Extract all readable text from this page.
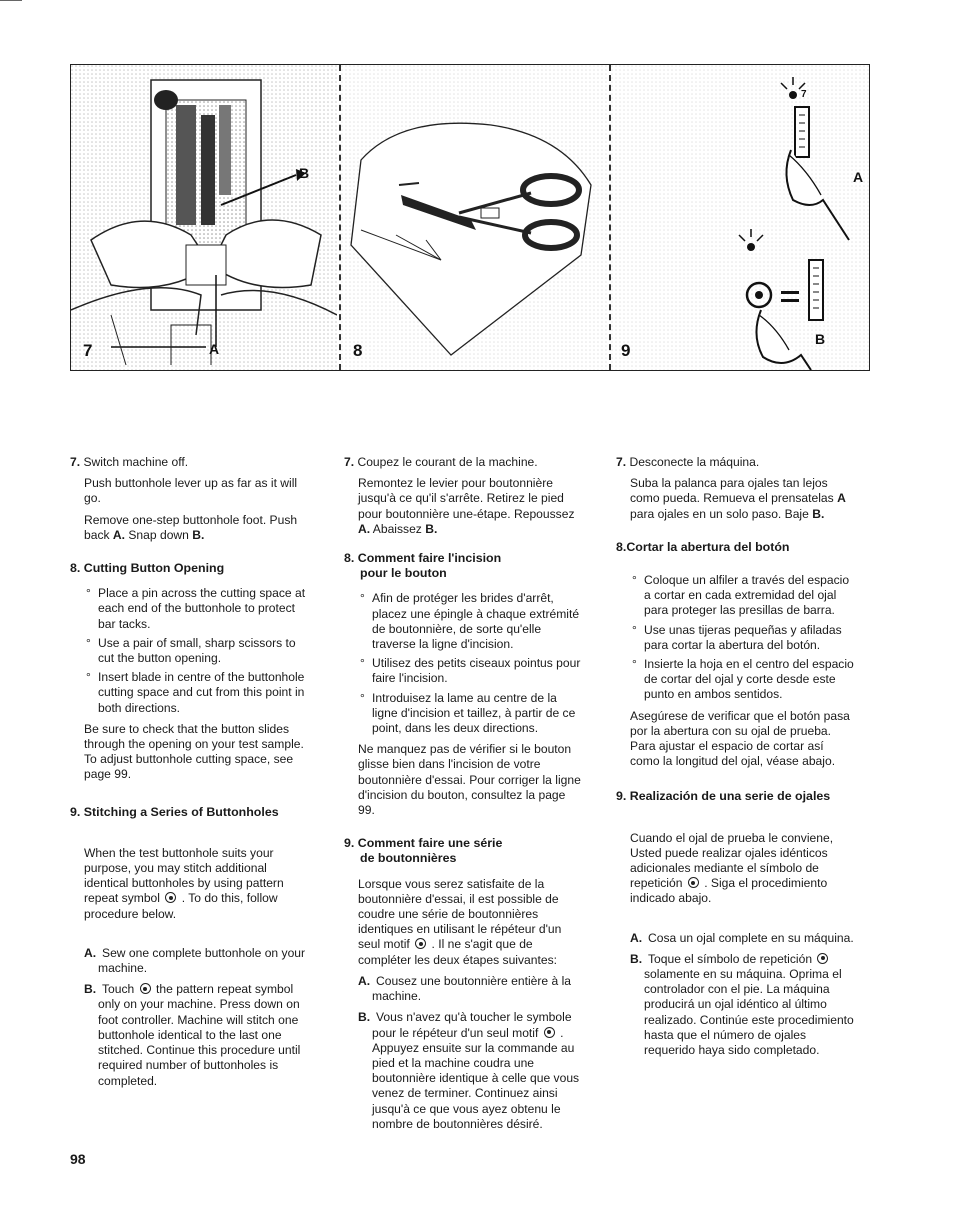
7
B
A	8	9
A
B
7

7. Switch machine off.

Push buttonhole lever up as far as it will go.

Remove one-step buttonhole foot. Push back A. Snap down B.

8. Cutting Button Opening
° Place a pin across the cutting space at each end of the buttonhole to protect bar tacks.
° Use a pair of small, sharp scissors to cut the button opening.
° Insert blade in centre of the buttonhole cutting space and cut from this point in both directions.

Be sure to check that the button slides through the opening on your test sample. To adjust buttonhole cutting space, see page 99.

9. Stitching a Series of Buttonholes

When the test buttonhole suits your purpose, you may stitch additional identical buttonholes by using pattern repeat symbol . To do this, follow procedure below.

A. Sew one complete buttonhole on your machine.

B. Touch the pattern repeat symbol only on your machine. Press down on foot controller. Machine will stitch one buttonhole identical to the last one stitched. Continue this procedure until required number of buttonholes is completed.

7. Coupez le courant de la machine.

Remontez le levier pour boutonnière jusqu'à ce qu'il s'arrête. Retirez le pied pour boutonnière une-étape. Repoussez A. Abaissez B.

8. Comment faire l'incision
pour le bouton
° Afin de protéger les brides d'arrêt, placez une épingle à chaque extrémité de boutonnière, de sorte qu'elle traverse la ligne d'incision.
° Utilisez des petits ciseaux pointus pour faire l'incision.
° Introduisez la lame au centre de la ligne d'incision et taillez, à partir de ce point, dans les deux directions.

Ne manquez pas de vérifier si le bouton glisse bien dans l'incision de votre boutonnière d'essai. Pour corriger la ligne d'incision du bouton, consultez la page 99.

9. Comment faire une série
de boutonnières

Lorsque vous serez satisfaite de la boutonnière d'essai, il est possible de coudre une série de boutonnières identiques en utilisant le répéteur d'un seul motif . Il ne s'agit que de compléter les deux étapes suivantes:

A. Cousez une boutonnière entière à la machine.

B. Vous n'avez qu'à toucher le symbole pour le répéteur d'un seul motif . Appuyez ensuite sur la commande au pied et la machine coudra une boutonnière identique à celle que vous venez de terminer. Continuez ainsi jusqu'à ce que vous ayez obtenu le nombre de boutonnières désiré.

7. Desconecte la máquina.

Suba la palanca para ojales tan lejos como pueda. Remueva el prensatelas A para ojales en un solo paso. Baje B.

8.Cortar la abertura del botón
° Coloque un alfiler a través del espacio a cortar en cada extremidad del ojal para proteger las presillas de barra.
° Use unas tijeras pequeñas y afiladas para cortar la abertura del botón.
° Insierte la hoja en el centro del espacio de cortar del ojal y corte desde este punto en ambos sentidos.

Asegúrese de verificar que el botón pasa por la abertura con su ojal de prueba. Para ajustar el espacio de cortar así como la longitud del ojal, véase abajo.

9. Realización de una serie de ojales

Cuando el ojal de prueba le conviene, Usted puede realizar ojales idénticos adicionales mediante el símbolo de repetición . Siga el procedimiento indicado abajo.

A. Cosa un ojal complete en su máquina.

B. Toque el símbolo de repetición  solamente en su máquina. Oprima el controlador con el pie. La máquina producirá un ojal idéntico al último realizado. Continúe este procedimiento hasta que el número de ojales requerido haya sido completado.

98
